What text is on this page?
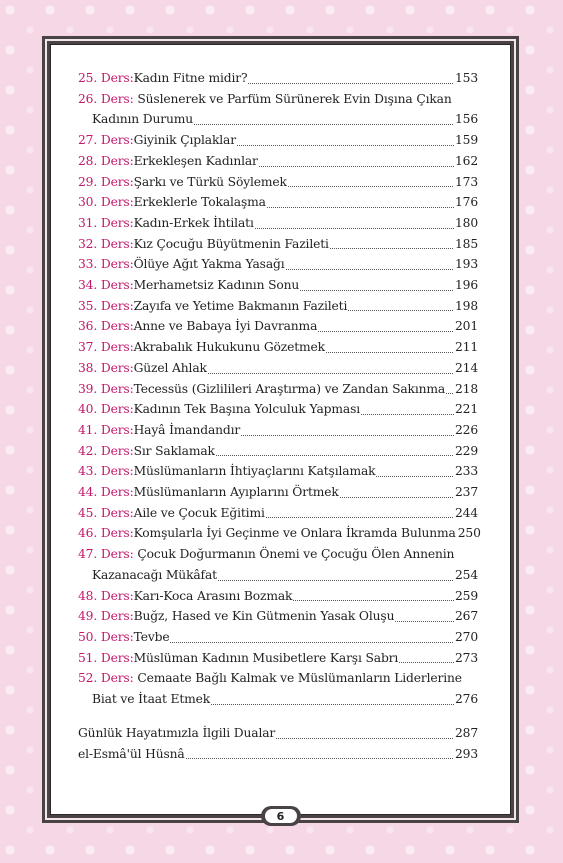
25. Ders: Kadın Fitne midir?	153
26. Ders: Süslenerek ve Parfüm Sürünerek Evin Dışına Çıkan
Kadının Durumu	156
27. Ders: Giyinik Çıplaklar	159
28. Ders: Erkekleşen Kadınlar	162
29. Ders: Şarkı ve Türkü Söylemek	173
30. Ders: Erkeklerle Tokalaşma	176
31. Ders: Kadın-Erkek İhtilatı	180
32. Ders: Kız Çocuğu Büyütmenin Fazileti	185
33. Ders: Ölüye Ağıt Yakma Yasağı	193
34. Ders: Merhametsiz Kadının Sonu	196
35. Ders: Zayıfa ve Yetime Bakmanın Fazileti	198
36. Ders: Anne ve Babaya İyi Davranma	201
37. Ders: Akrabalık Hukukunu Gözetmek	211
38. Ders: Güzel Ahlak	214
39. Ders: Tecessüs (Gizlilileri Araştırma) ve Zandan Sakınma 218
40. Ders: Kadının Tek Başına Yolculuk Yapması	221
41. Ders: Hayâ İmandandır	226
42. Ders: Sır Saklamak	229
43. Ders: Müslümanların İhtiyaçlarını Katşılamak	233
44. Ders: Müslümanların Ayıplarını Örtmek	237
45. Ders: Aile ve Çocuk Eğitimi	244
46. Ders: Komşularla İyi Geçinme ve Onlara İkramda Bulunma 250
47. Ders: Çocuk Doğurmanın Önemi ve Çocuğu Ölen Annenin
Kazanacağı Mükâfat	254
48. Ders: Karı-Koca Arasını Bozmak	259
49. Ders: Buğz, Hased ve Kin Gütmenin Yasak Oluşu	267
50. Ders: Tevbe	270
51. Ders: Müslüman Kadının Musibetlere Karşı Sabrı	273
52. Ders: Cemaate Bağlı Kalmak ve Müslümanların Liderlerine
Biat ve İtaat Etmek	276
Günlük Hayatımızla İlgili Dualar	287
el-Esmâ'ül Hüsnâ	293
6
